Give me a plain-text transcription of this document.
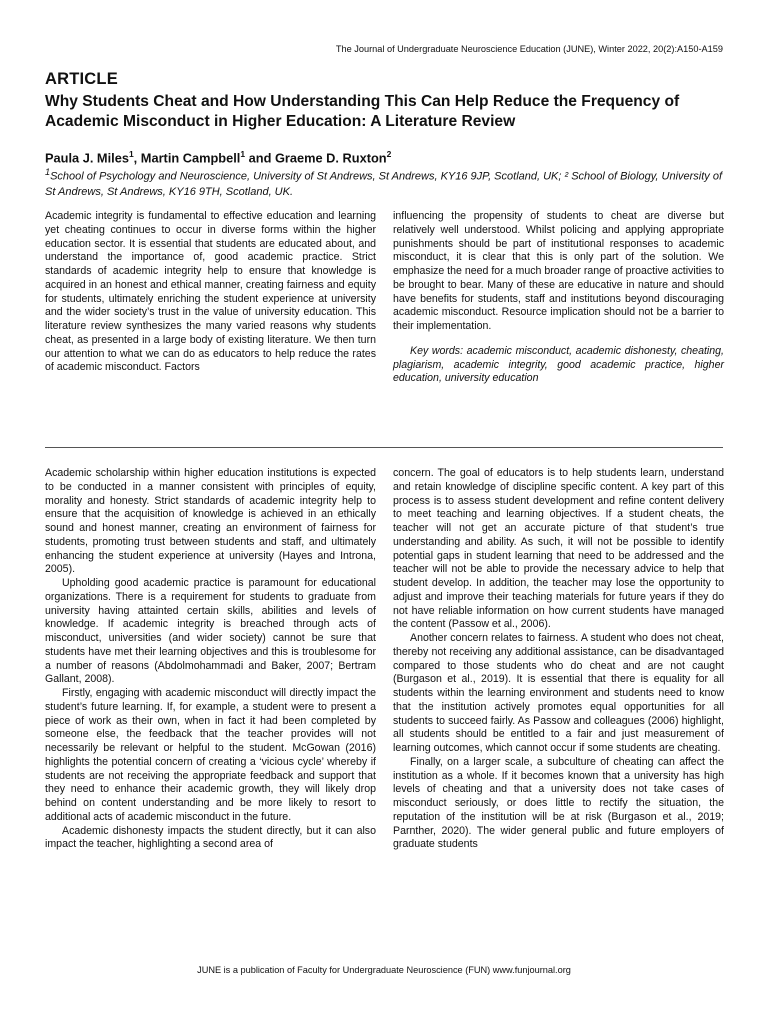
The Journal of Undergraduate Neuroscience Education (JUNE), Winter 2022, 20(2):A150-A159
ARTICLE
Why Students Cheat and How Understanding This Can Help Reduce the Frequency of Academic Misconduct in Higher Education: A Literature Review
Paula J. Miles$^1$, Martin Campbell$^1$ and Graeme D. Ruxton$^2$
$^1$School of Psychology and Neuroscience, University of St Andrews, St Andrews, KY16 9JP, Scotland, UK; ² School of Biology, University of St Andrews, St Andrews, KY16 9TH, Scotland, UK.

Academic integrity is fundamental to effective education and learning yet cheating continues to occur in diverse forms within the higher education sector. It is essential that students are educated about, and understand the importance of, good academic practice. Strict standards of academic integrity help to ensure that knowledge is acquired in an honest and ethical manner, creating fairness and equity for students, ultimately enriching the student experience at university and the wider society’s trust in the value of university education. This literature review synthesizes the many varied reasons why students cheat, as presented in a large body of existing literature. We then turn our attention to what we can do as educators to help reduce the rates of academic misconduct. Factors

influencing the propensity of students to cheat are diverse but relatively well understood. Whilst policing and applying appropriate punishments should be part of institutional responses to academic misconduct, it is clear that this is only part of the solution. We emphasize the need for a much broader range of proactive activities to be brought to bear. Many of these are educative in nature and should have benefits for students, staff and institutions beyond discouraging academic misconduct. Resource implication should not be a barrier to their implementation.

Key words: academic misconduct, academic dishonesty, cheating, plagiarism, academic integrity, good academic practice, higher education, university education

Academic scholarship within higher education institutions is expected to be conducted in a manner consistent with principles of equity, morality and honesty. Strict standards of academic integrity help to ensure that the acquisition of knowledge is achieved in an ethically sound and honest manner, creating an environment of fairness for students, promoting trust between students and staff, and ultimately enhancing the student experience at university (Hayes and Introna, 2005).

Upholding good academic practice is paramount for educational organizations. There is a requirement for students to graduate from university having attainted certain skills, abilities and levels of knowledge. If academic integrity is breached through acts of misconduct, universities (and wider society) cannot be sure that students have met their learning objectives and this is troublesome for a number of reasons (Abdolmohammadi and Baker, 2007; Bertram Gallant, 2008).

Firstly, engaging with academic misconduct will directly impact the student’s future learning. If, for example, a student were to present a piece of work as their own, when in fact it had been completed by someone else, the feedback that the teacher provides will not necessarily be relevant or helpful to the student. McGowan (2016) highlights the potential concern of creating a ‘vicious cycle’ whereby if students are not receiving the appropriate feedback and support that they need to enhance their academic growth, they will likely drop behind on content understanding and be more likely to resort to additional acts of academic misconduct in the future.

Academic dishonesty impacts the student directly, but it can also impact the teacher, highlighting a second area of

concern. The goal of educators is to help students learn, understand and retain knowledge of discipline specific content. A key part of this process is to assess student development and refine content delivery to meet teaching and learning objectives. If a student cheats, the teacher will not get an accurate picture of that student’s true understanding and ability. As such, it will not be possible to identify potential gaps in student learning that need to be addressed and the teacher will not be able to provide the necessary advice to help that student develop. In addition, the teacher may lose the opportunity to adjust and improve their teaching materials for future years if they do not have reliable information on how current students have managed the content (Passow et al., 2006).

Another concern relates to fairness. A student who does not cheat, thereby not receiving any additional assistance, can be disadvantaged compared to those students who do cheat and are not caught (Burgason et al., 2019). It is essential that there is equality for all students within the learning environment and students need to know that the institution actively promotes equal opportunities for all students to succeed fairly. As Passow and colleagues (2006) highlight, all students should be entitled to a fair and just measurement of learning outcomes, which cannot occur if some students are cheating.

Finally, on a larger scale, a subculture of cheating can affect the institution as a whole. If it becomes known that a university has high levels of cheating and that a university does not take cases of misconduct seriously, or does little to rectify the situation, the reputation of the institution will be at risk (Burgason et al., 2019; Parnther, 2020). The wider general public and future employers of graduate students

JUNE is a publication of Faculty for Undergraduate Neuroscience (FUN) www.funjournal.org
